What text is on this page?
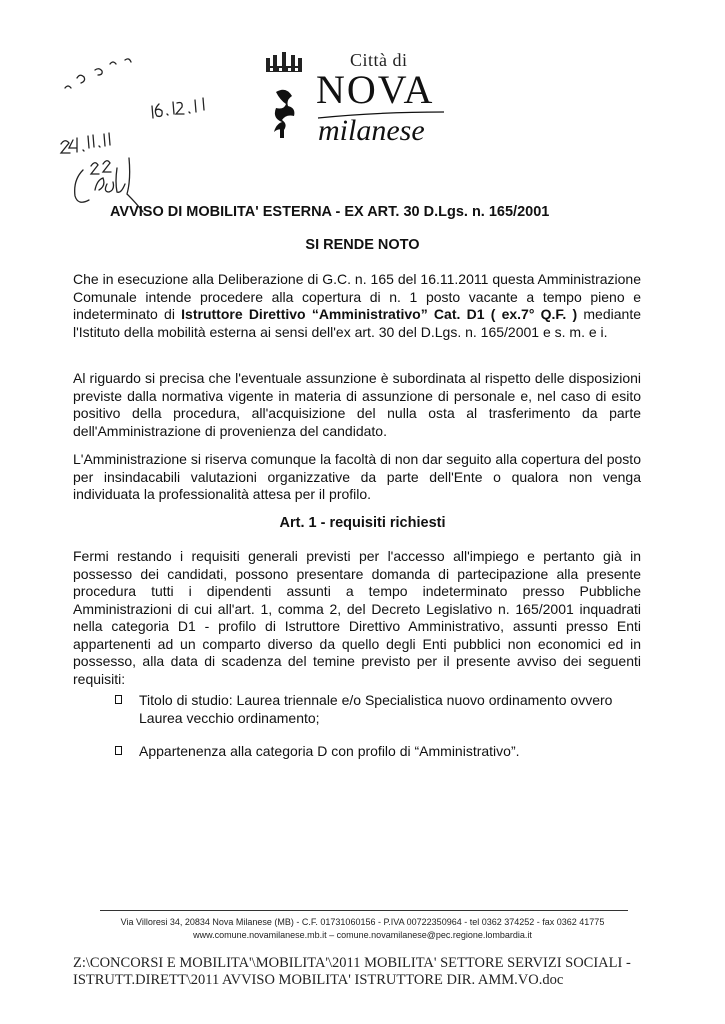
Città di
NOVA
milanese
AVVISO DI MOBILITA' ESTERNA - EX ART. 30 D.Lgs. n. 165/2001
SI RENDE NOTO
Che in esecuzione alla Deliberazione di G.C. n. 165 del 16.11.2011 questa Amministrazione Comunale intende procedere alla copertura di n. 1 posto vacante a tempo pieno e indeterminato di Istruttore Direttivo “Amministrativo” Cat. D1 ( ex.7° Q.F. ) mediante l'Istituto della mobilità esterna ai sensi dell'ex art. 30 del D.Lgs. n. 165/2001 e s. m. e i.
Al riguardo si precisa che l'eventuale assunzione è subordinata al rispetto delle disposizioni previste dalla normativa vigente in materia di assunzione di personale e, nel caso di esito positivo della procedura, all'acquisizione del nulla osta al trasferimento da parte dell'Amministrazione di provenienza del candidato.
L'Amministrazione si riserva comunque la facoltà di non dar seguito alla copertura del posto per insindacabili valutazioni organizzative da parte dell'Ente o qualora non venga individuata la professionalità attesa per il profilo.
Art. 1 - requisiti richiesti
Fermi restando i requisiti generali previsti per l'accesso all'impiego e pertanto già in possesso dei candidati, possono presentare domanda di partecipazione alla presente procedura tutti i dipendenti assunti a tempo indeterminato presso Pubbliche Amministrazioni di cui all'art. 1, comma 2, del Decreto Legislativo n. 165/2001 inquadrati nella categoria D1 - profilo di Istruttore Direttivo Amministrativo, assunti presso Enti appartenenti ad un comparto diverso da quello degli Enti pubblici non economici ed in possesso, alla data di scadenza del temine previsto per il presente avviso dei seguenti requisiti:
Titolo di studio: Laurea triennale e/o Specialistica nuovo ordinamento ovvero Laurea vecchio ordinamento;
Appartenenza alla categoria D con profilo di “Amministrativo”.
Via Villoresi 34, 20834 Nova Milanese (MB) - C.F. 01731060156 - P.IVA 00722350964 - tel 0362 374252 - fax 0362 41775
www.comune.novamilanese.mb.it – comune.novamilanese@pec.regione.lombardia.it
Z:\CONCORSI E MOBILITA'\MOBILITA'\2011 MOBILITA' SETTORE SERVIZI SOCIALI -
ISTRUTT.DIRETT\2011 AVVISO MOBILITA' ISTRUTTORE DIR. AMM.VO.doc
